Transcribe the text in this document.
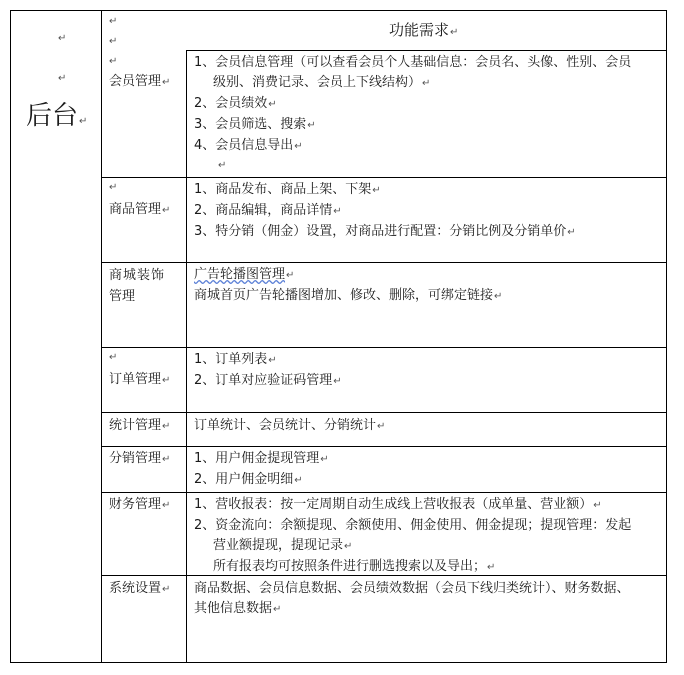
↵
↵
后台↵
↵
↵
↵
功能需求↵
会员管理↵
1、会员信息管理（可以查看会员个人基础信息：会员名、头像、性别、会员
级别、消费记录、会员上下线结构）↵
2、会员绩效↵
3、会员筛选、搜索↵
4、会员信息导出↵
↵
↵
商品管理↵
1、商品发布、商品上架、下架↵
2、商品编辑，商品详情↵
3、特分销（佣金）设置，对商品进行配置：分销比例及分销单价↵
商城装饰
管理
广告轮播图管理↵
商城首页广告轮播图增加、修改、删除，可绑定链接↵
↵
订单管理↵
1、订单列表↵
2、订单对应验证码管理↵
统计管理↵ 订单统计、会员统计、分销统计↵
分销管理↵ 1、用户佣金提现管理↵
2、用户佣金明细↵
财务管理↵ 1、营收报表：按一定周期自动生成线上营收报表（成单量、营业额）↵
2、资金流向：余额提现、余额使用、佣金使用、佣金提现；提现管理：发起
营业额提现，提现记录↵
所有报表均可按照条件进行删选搜索以及导出；↵
系统设置↵ 商品数据、会员信息数据、会员绩效数据（会员下线归类统计）、财务数据、
其他信息数据↵
